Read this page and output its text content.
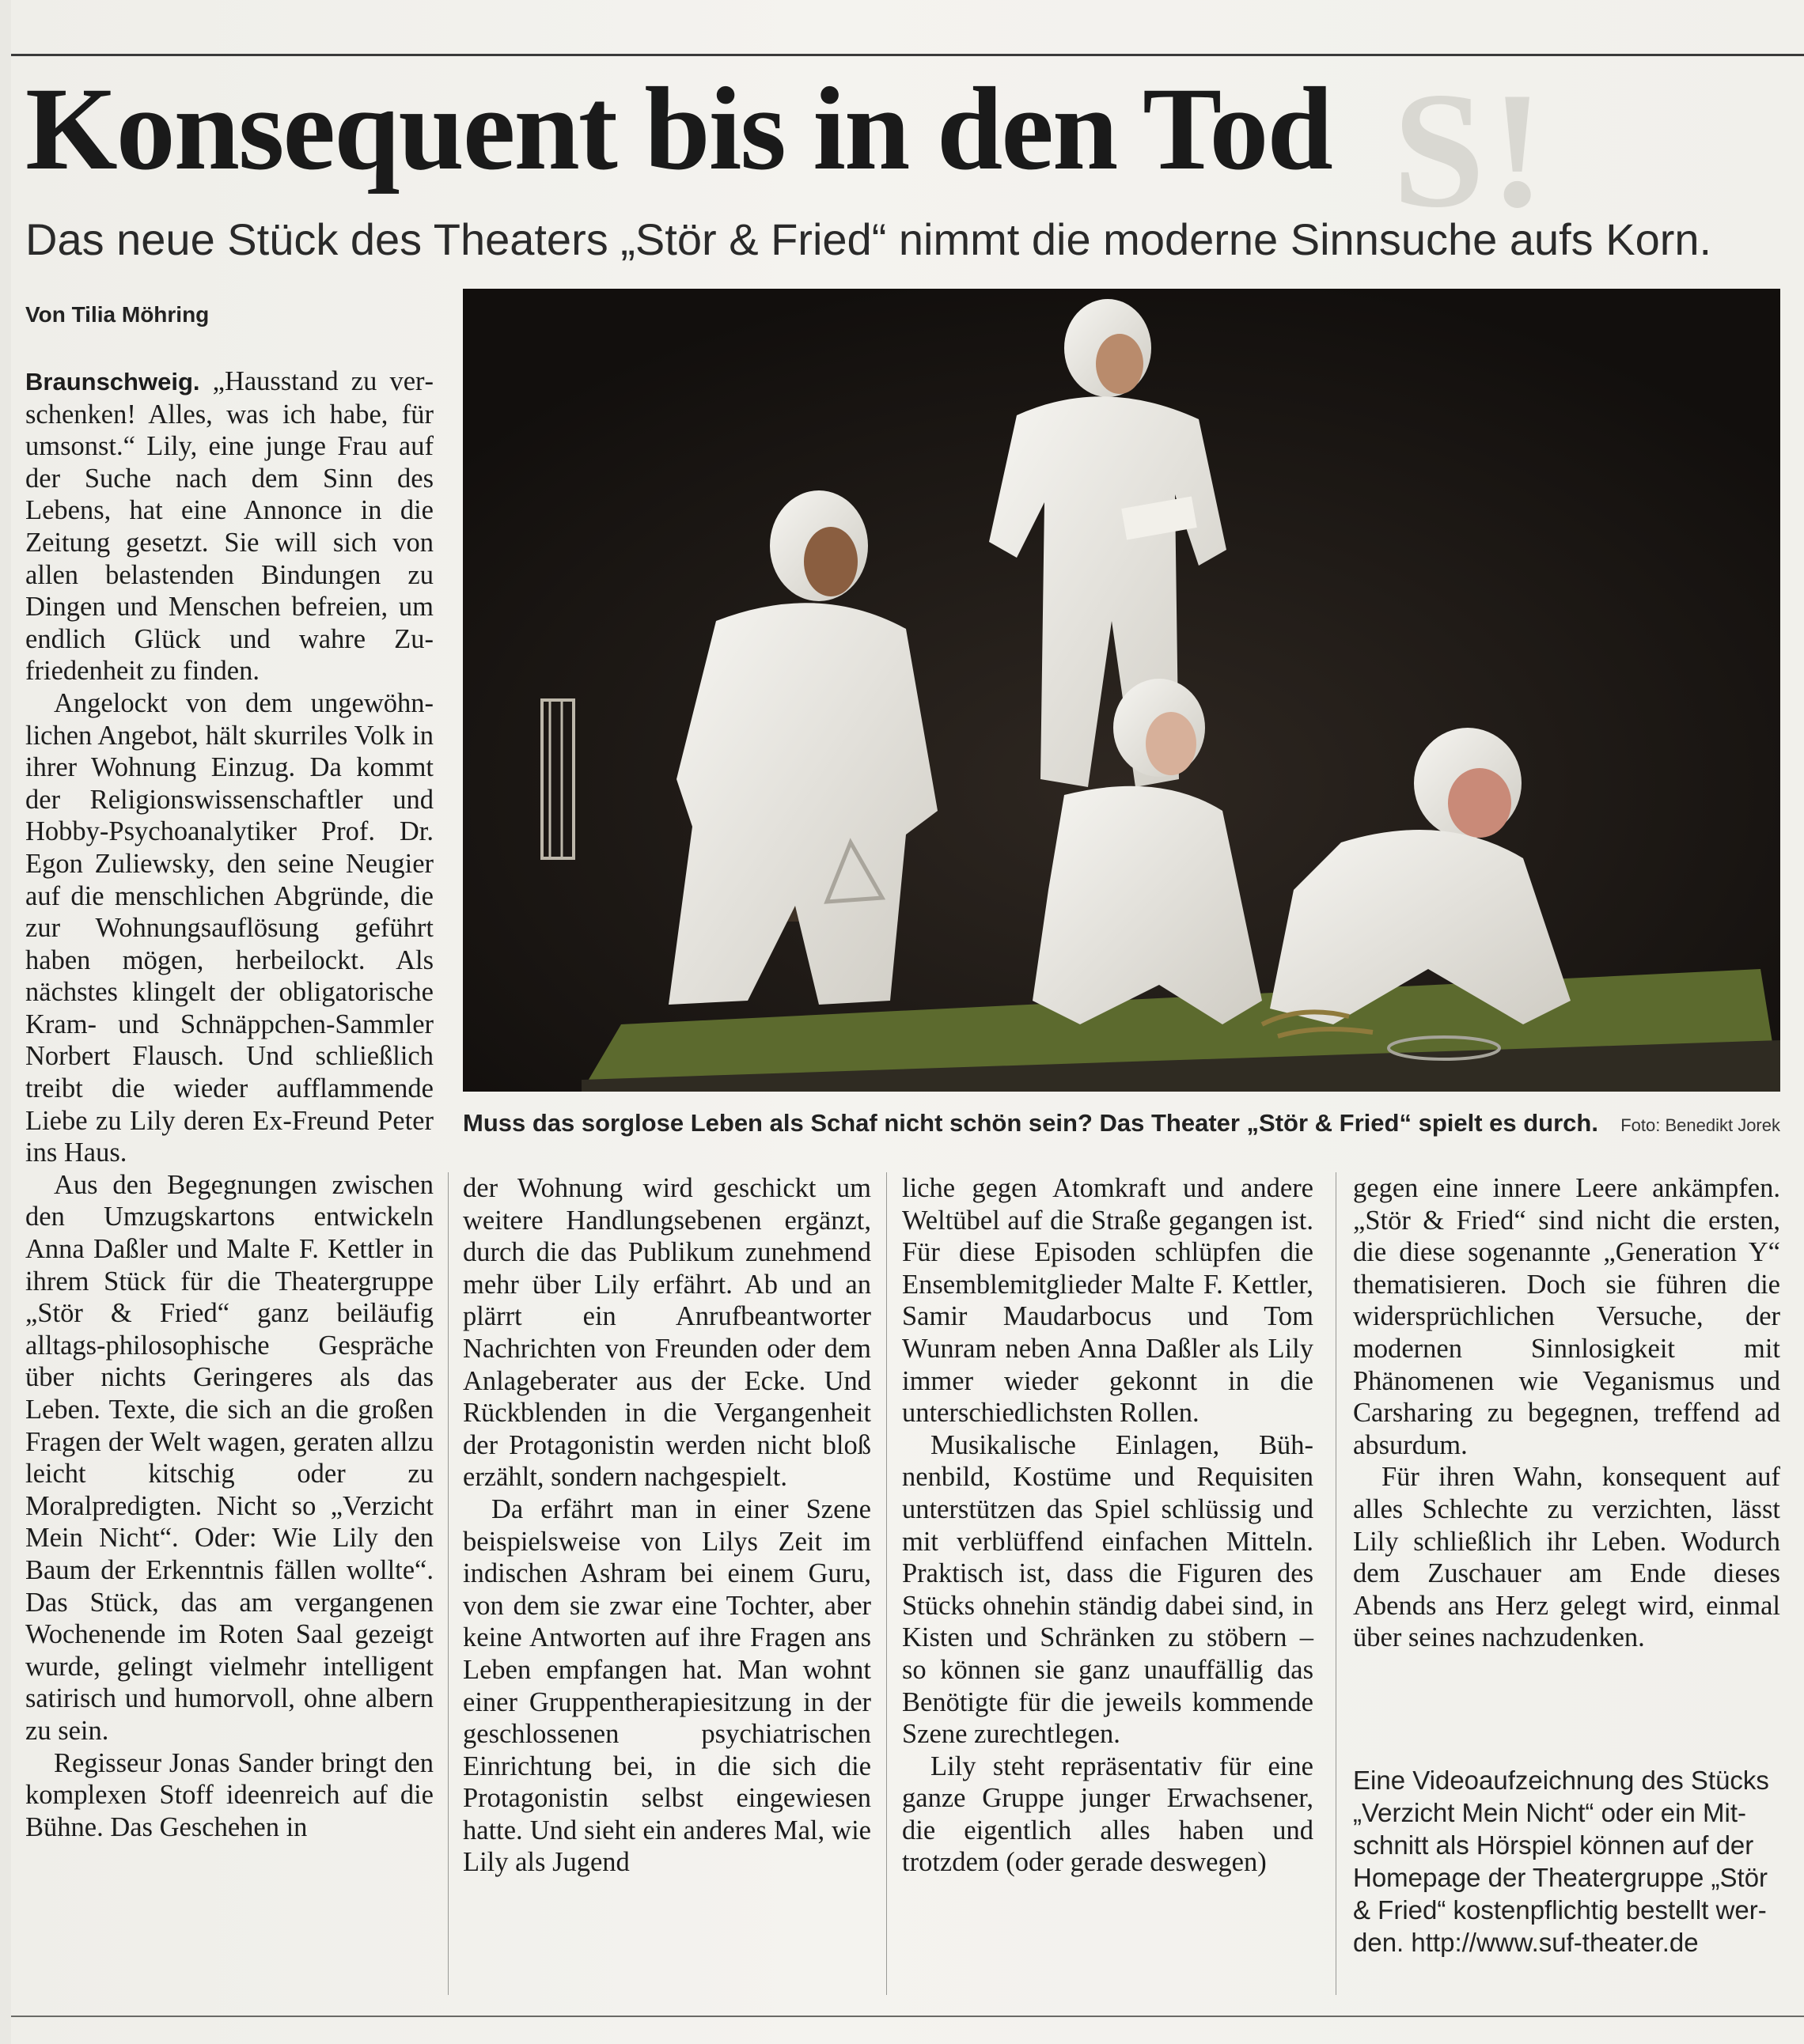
S!
Konsequent bis in den Tod
Das neue Stück des Theaters „Stör & Fried“ nimmt die moderne Sinnsuche aufs Korn.
Von Tilia Möhring
Muss das sorglose Leben als Schaf nicht schön sein? Das Theater „Stör & Fried“ spielt es durch.	Foto: Benedikt Jorek

Braunschweig. „Hausstand zu verschenken! Alles, was ich habe, für umsonst.“ Lily, eine junge Frau auf der Suche nach dem Sinn des Lebens, hat eine Annonce in die Zeitung gesetzt. Sie will sich von allen belastenden Bindungen zu Dingen und Menschen befreien, um endlich Glück und wahre Zufriedenheit zu finden.

Angelockt von dem ungewöhnlichen Angebot, hält skurriles Volk in ihrer Wohnung Einzug. Da kommt der Religionswissenschaftler und Hobby-Psychoanalytiker Prof. Dr. Egon Zuliewsky, den seine Neugier auf die menschlichen Abgründe, die zur Wohnungsauflösung geführt haben mögen, herbeilockt. Als nächstes klingelt der obligatorische Kram- und Schnäppchen-Sammler Norbert Flausch. Und schließlich treibt die wieder aufflammende Liebe zu Lily deren Ex-Freund Peter ins Haus.

Aus den Begegnungen zwischen den Umzugskartons entwickeln Anna Daßler und Malte F. Kettler in ihrem Stück für die Theatergruppe „Stör & Fried“ ganz beiläufig alltags-philosophische Gespräche über nichts Geringeres als das Leben. Texte, die sich an die großen Fragen der Welt wagen, geraten allzu leicht kitschig oder zu Moralpredigten. Nicht so „Verzicht Mein Nicht“. Oder: Wie Lily den Baum der Erkenntnis fällen wollte“. Das Stück, das am vergangenen Wochenende im Roten Saal gezeigt wurde, gelingt vielmehr intelligent satirisch und humorvoll, ohne albern zu sein.

Regisseur Jonas Sander bringt den komplexen Stoff ideenreich auf die Bühne. Das Geschehen in

der Wohnung wird geschickt um weitere Handlungsebenen ergänzt, durch die das Publikum zunehmend mehr über Lily erfährt. Ab und an plärrt ein Anrufbeantworter Nachrichten von Freunden oder dem Anlageberater aus der Ecke. Und Rückblenden in die Vergangenheit der Protagonistin werden nicht bloß erzählt, sondern nachgespielt.

Da erfährt man in einer Szene beispielsweise von Lilys Zeit im indischen Ashram bei einem Guru, von dem sie zwar eine Tochter, aber keine Antworten auf ihre Fragen ans Leben empfangen hat. Man wohnt einer Gruppentherapiesitzung in der geschlossenen psychiatrischen Einrichtung bei, in die sich die Protagonistin selbst eingewiesen hatte. Und sieht ein anderes Mal, wie Lily als Jugend

liche gegen Atomkraft und andere Weltübel auf die Straße gegangen ist. Für diese Episoden schlüpfen die Ensemblemitglieder Malte F. Kettler, Samir Maudarbocus und Tom Wunram neben Anna Daßler als Lily immer wieder gekonnt in die unterschiedlichsten Rollen.

Musikalische Einlagen, Bühnenbild, Kostüme und Requisiten unterstützen das Spiel schlüssig und mit verblüffend einfachen Mitteln. Praktisch ist, dass die Figuren des Stücks ohnehin ständig dabei sind, in Kisten und Schränken zu stöbern – so können sie ganz unauffällig das Benötigte für die jeweils kommende Szene zurechtlegen.

Lily steht repräsentativ für eine ganze Gruppe junger Erwachsener, die eigentlich alles haben und trotzdem (oder gerade deswegen)

gegen eine innere Leere ankämpfen. „Stör & Fried“ sind nicht die ersten, die diese sogenannte „Generation Y“ thematisieren. Doch sie führen die widersprüchlichen Versuche, der modernen Sinnlosigkeit mit Phänomenen wie Veganismus und Carsharing zu begegnen, treffend ad absurdum.

Für ihren Wahn, konsequent auf alles Schlechte zu verzichten, lässt Lily schließlich ihr Leben. Wodurch dem Zuschauer am Ende dieses Abends ans Herz gelegt wird, einmal über seines nachzudenken.

Eine Videoaufzeichnung des Stücks „Verzicht Mein Nicht“ oder ein Mitschnitt als Hörspiel können auf der Homepage der Theatergruppe „Stör & Fried“ kostenpflichtig bestellt werden. http://www.suf-theater.de
